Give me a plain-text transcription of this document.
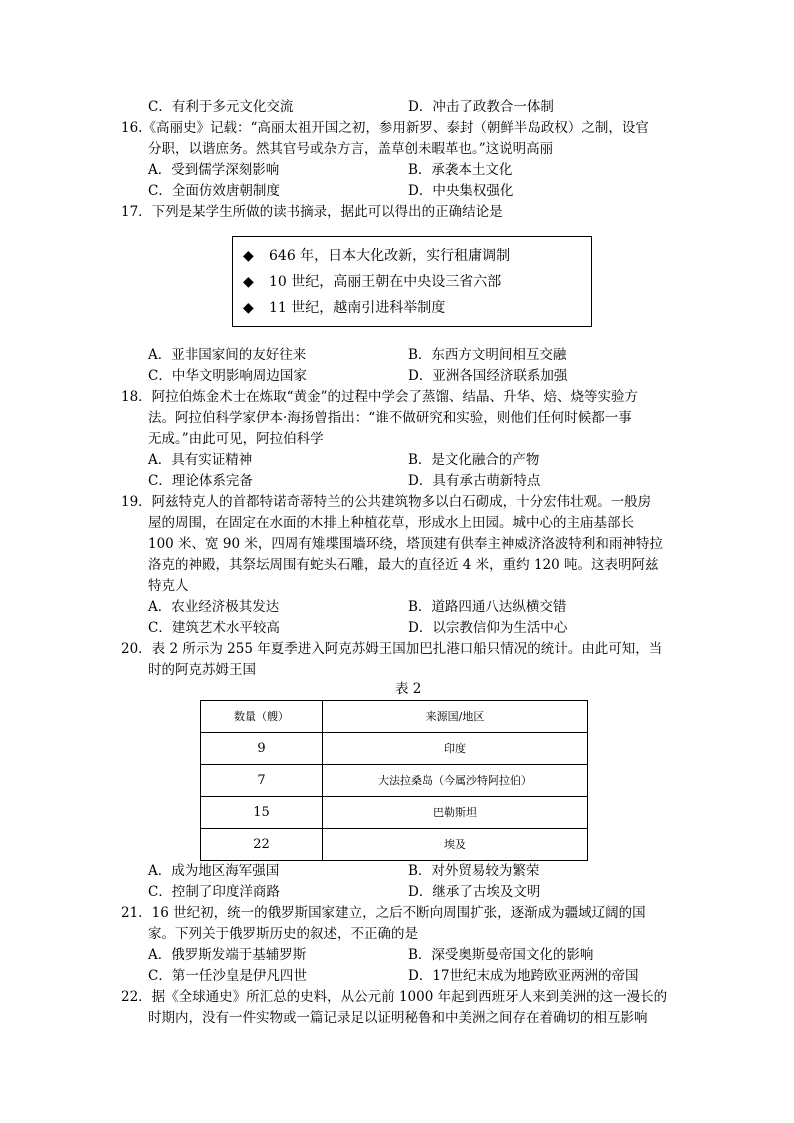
C．有利于多元文化交流	D．冲击了政教合一体制
16.《高丽史》记载：“高丽太祖开国之初，参用新罗、泰封（朝鲜半岛政权）之制，设官
分职，以谐庶务。然其官号或杂方言，盖草创未暇革也。”这说明高丽
A．受到儒学深刻影响	B．承袭本土文化
C．全面仿效唐朝制度	D．中央集权强化
17．下列是某学生所做的读书摘录，据此可以得出的正确结论是
◆ 646 年，日本大化改新，实行租庸调制
◆ 10 世纪，高丽王朝在中央设三省六部
◆ 11 世纪，越南引进科举制度
A．亚非国家间的友好往来	B．东西方文明间相互交融
C．中华文明影响周边国家	D．亚洲各国经济联系加强
18．阿拉伯炼金术士在炼取“黄金”的过程中学会了蒸馏、结晶、升华、焙、烧等实验方
法。阿拉伯科学家伊本·海扬曾指出：“谁不做研究和实验，则他们任何时候都一事
无成。”由此可见，阿拉伯科学
A．具有实证精神	B．是文化融合的产物
C．理论体系完备	D．具有承古萌新特点
19．阿兹特克人的首都特诺奇蒂特兰的公共建筑物多以白石砌成，十分宏伟壮观。一般房
屋的周围，在固定在水面的木排上种植花草，形成水上田园。城中心的主庙基部长
100 米、宽 90 米，四周有雉堞围墙环绕，塔顶建有供奉主神威济洛波特利和雨神特拉
洛克的神殿，其祭坛周围有蛇头石雕，最大的直径近 4 米，重约 120 吨。这表明阿兹
特克人
A．农业经济极其发达	B．道路四通八达纵横交错
C．建筑艺术水平较高	D．以宗教信仰为生活中心
20．表 2 所示为 255 年夏季进入阿克苏姆王国加巴扎港口船只情况的统计。由此可知，当
时的阿克苏姆王国
表 2
数量（艘）	来源国/地区
9	印度
7	大法拉桑岛（今属沙特阿拉伯）
15	巴勒斯坦
22	埃及
A．成为地区海军强国	B．对外贸易较为繁荣
C．控制了印度洋商路	D．继承了古埃及文明
21．16 世纪初，统一的俄罗斯国家建立，之后不断向周围扩张，逐渐成为疆域辽阔的国
家。下列关于俄罗斯历史的叙述，不正确的是
A．俄罗斯发端于基辅罗斯	B．深受奥斯曼帝国文化的影响
C．第一任沙皇是伊凡四世	D．17世纪末成为地跨欧亚两洲的帝国
22．据《全球通史》所汇总的史料，从公元前 1000 年起到西班牙人来到美洲的这一漫长的
时期内，没有一件实物或一篇记录足以证明秘鲁和中美洲之间存在着确切的相互影响
